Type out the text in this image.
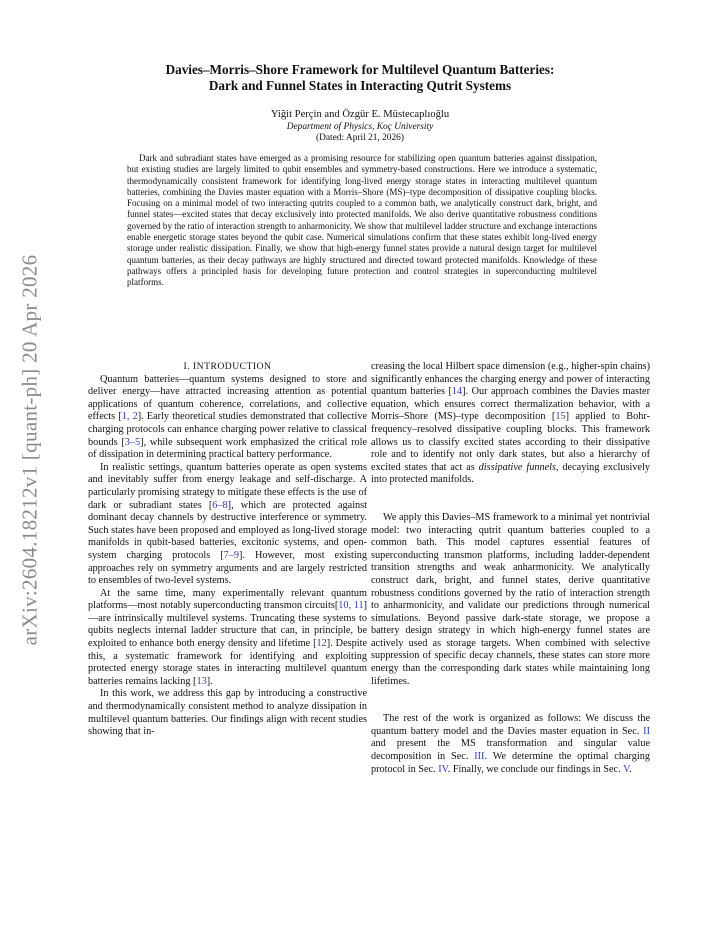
arXiv:2604.18212v1 [quant-ph] 20 Apr 2026
Davies–Morris–Shore Framework for Multilevel Quantum Batteries:
Dark and Funnel States in Interacting Qutrit Systems
Yiğit Perçin and Özgür E. Müstecaplıoğlu
Department of Physics, Koç University
(Dated: April 21, 2026)

Dark and subradiant states have emerged as a promising resource for stabilizing open quantum batteries against dissipation, but existing studies are largely limited to qubit ensembles and symmetry-based constructions. Here we introduce a systematic, thermodynamically consistent framework for identifying long-lived energy storage states in interacting multilevel quantum batteries, combining the Davies master equation with a Morris–Shore (MS)–type decomposition of dissipative coupling blocks. Focusing on a minimal model of two interacting qutrits coupled to a common bath, we analytically construct dark, bright, and funnel states—excited states that decay exclusively into protected manifolds. We also derive quantitative robustness conditions governed by the ratio of interaction strength to anharmonicity. We show that multilevel ladder structure and exchange interactions enable energetic storage states beyond the qubit case. Numerical simulations confirm that these states exhibit long-lived energy storage under realistic dissipation. Finally, we show that high-energy funnel states provide a natural design target for multilevel quantum batteries, as their decay pathways are highly structured and directed toward protected manifolds. Knowledge of these pathways offers a principled basis for developing future protection and control strategies in superconducting multilevel platforms.

I. INTRODUCTION

Quantum batteries—quantum systems designed to store and deliver energy—have attracted increasing attention as potential applications of quantum coherence, correlations, and collective effects [1, 2]. Early theoretical studies demonstrated that collective charging protocols can enhance charging power relative to classical bounds [3–5], while subsequent work emphasized the critical role of dissipation in determining practical battery performance.

In realistic settings, quantum batteries operate as open systems and inevitably suffer from energy leakage and self-discharge. A particularly promising strategy to mitigate these effects is the use of dark or subradiant states [6–8], which are protected against dominant decay channels by destructive interference or symmetry. Such states have been proposed and employed as long-lived storage manifolds in qubit-based batteries, excitonic systems, and open-system charging protocols [7–9]. However, most existing approaches rely on symmetry arguments and are largely restricted to ensembles of two-level systems.

At the same time, many experimentally relevant quantum platforms—most notably superconducting transmon circuits[10, 11]—are intrinsically multilevel systems. Truncating these systems to qubits neglects internal ladder structure that can, in principle, be exploited to enhance both energy density and lifetime [12]. Despite this, a systematic framework for identifying and exploiting protected energy storage states in interacting multilevel quantum batteries remains lacking [13].

In this work, we address this gap by introducing a constructive and thermodynamically consistent method to analyze dissipation in multilevel quantum batteries. Our findings align with recent studies showing that in-

creasing the local Hilbert space dimension (e.g., higher-spin chains) significantly enhances the charging energy and power of interacting quantum batteries [14]. Our approach combines the Davies master equation, which ensures correct thermalization behavior, with a Morris–Shore (MS)–type decomposition [15] applied to Bohr-frequency–resolved dissipative coupling blocks. This framework allows us to classify excited states according to their dissipative role and to identify not only dark states, but also a hierarchy of excited states that act as dissipative funnels, decaying exclusively into protected manifolds.

We apply this Davies–MS framework to a minimal yet nontrivial model: two interacting qutrit quantum batteries coupled to a common bath. This model captures essential features of superconducting transmon platforms, including ladder-dependent transition strengths and weak anharmonicity. We analytically construct dark, bright, and funnel states, derive quantitative robustness conditions governed by the ratio of interaction strength to anharmonicity, and validate our predictions through numerical simulations. Beyond passive dark-state storage, we propose a battery design strategy in which high-energy funnel states are actively used as storage targets. When combined with selective suppression of specific decay channels, these states can store more energy than the corresponding dark states while maintaining long lifetimes.

The rest of the work is organized as follows: We discuss the quantum battery model and the Davies master equation in Sec. II and present the MS transformation and singular value decomposition in Sec. III. We determine the optimal charging protocol in Sec. IV. Finally, we conclude our findings in Sec. V.
